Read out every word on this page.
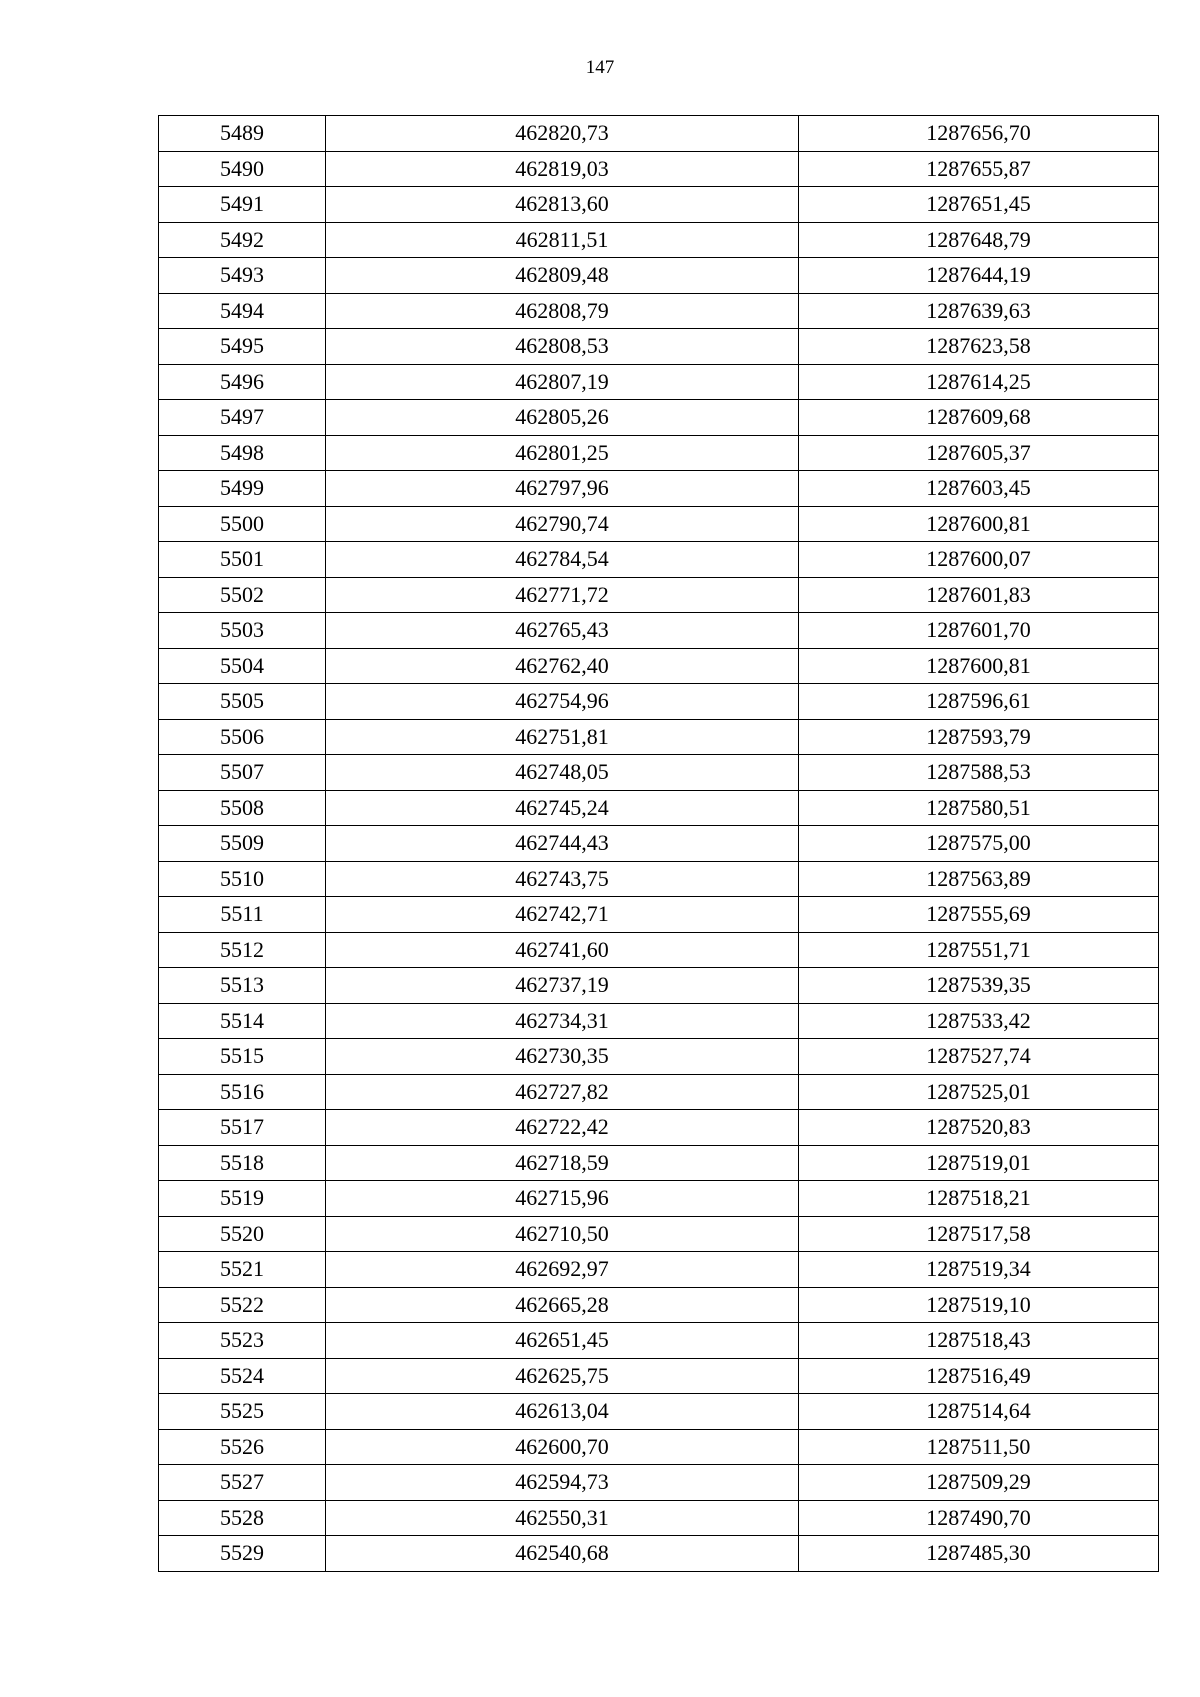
147
5489	462820,73	1287656,70
5490	462819,03	1287655,87
5491	462813,60	1287651,45
5492	462811,51	1287648,79
5493	462809,48	1287644,19
5494	462808,79	1287639,63
5495	462808,53	1287623,58
5496	462807,19	1287614,25
5497	462805,26	1287609,68
5498	462801,25	1287605,37
5499	462797,96	1287603,45
5500	462790,74	1287600,81
5501	462784,54	1287600,07
5502	462771,72	1287601,83
5503	462765,43	1287601,70
5504	462762,40	1287600,81
5505	462754,96	1287596,61
5506	462751,81	1287593,79
5507	462748,05	1287588,53
5508	462745,24	1287580,51
5509	462744,43	1287575,00
5510	462743,75	1287563,89
5511	462742,71	1287555,69
5512	462741,60	1287551,71
5513	462737,19	1287539,35
5514	462734,31	1287533,42
5515	462730,35	1287527,74
5516	462727,82	1287525,01
5517	462722,42	1287520,83
5518	462718,59	1287519,01
5519	462715,96	1287518,21
5520	462710,50	1287517,58
5521	462692,97	1287519,34
5522	462665,28	1287519,10
5523	462651,45	1287518,43
5524	462625,75	1287516,49
5525	462613,04	1287514,64
5526	462600,70	1287511,50
5527	462594,73	1287509,29
5528	462550,31	1287490,70
5529	462540,68	1287485,30
